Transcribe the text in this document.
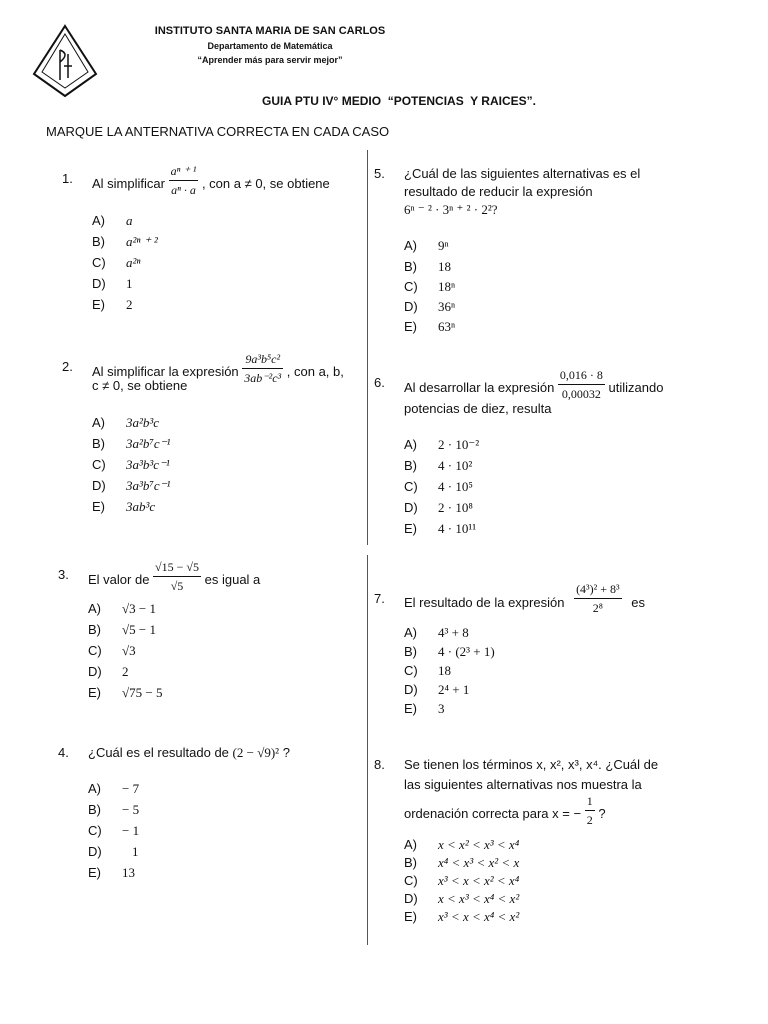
INSTITUTO SANTA MARIA DE SAN CARLOS
Departamento de Matemática
“Aprender más para servir mejor”
GUIA PTU IV° MEDIO  “POTENCIAS  Y RAICES”.
MARQUE LA ANTERNATIVA CORRECTA EN CADA CASO
1. Al simplificar $\frac{\text{aⁿ ⁺ ¹}}{\text{aⁿ · a}}$ , con a ≠ 0, se obtiene
A) a
B) a²ⁿ ⁺ ²
C) a²ⁿ
D) 1
E) 2
2. Al simplificar la expresión $\frac{\text{9a³b⁵c²}}{\text{3ab⁻²c³}}$ , con a, b,
c ≠ 0, se obtiene
A) 3a²b³c
B) 3a²b⁷c⁻¹
C) 3a³b³c⁻¹
D) 3a³b⁷c⁻¹
E) 3ab³c
3. El valor de $\frac{√15 - √5}{√5}$ es igual a
A) √3 − 1
B) √5 − 1
C) √3
D) 2
E) √75 − 5
4. ¿Cuál es el resultado de (2 − √9)² ?
A) − 7
B) − 5
C) − 1
D) 1
E) 13
5. ¿Cuál de las siguientes alternativas es el
resultado de reducir la expresión
6ⁿ ⁻ ² · 3ⁿ ⁺ ² · 2²?
A) 9ⁿ
B) 18
C) 18ⁿ
D) 36ⁿ
E) 63ⁿ
6. Al desarrollar la expresión $\frac{0,016 \cdot 8}{0,00032}$ utilizando
potencias de diez, resulta
A) 2 · 10⁻²
B) 4 · 10²
C) 4 · 10⁵
D) 2 · 10⁸
E) 4 · 10¹¹
7. El resultado de la expresión $\frac{\text{(4³)² + 8³}}{\text{2⁸}}$ es
A) 4³ + 8
B) 4 · (2³ + 1)
C) 18
D) 2⁴ + 1
E) 3
8. Se tienen los términos x, x², x³, x⁴. ¿Cuál de
las siguientes alternativas nos muestra la
ordenación correcta para x = − $\frac{1}{2}$ ?
A) x < x² < x³ < x⁴
B) x⁴ < x³ < x² < x
C) x³ < x < x² < x⁴
D) x < x³ < x⁴ < x²
E) x³ < x < x⁴ < x²
